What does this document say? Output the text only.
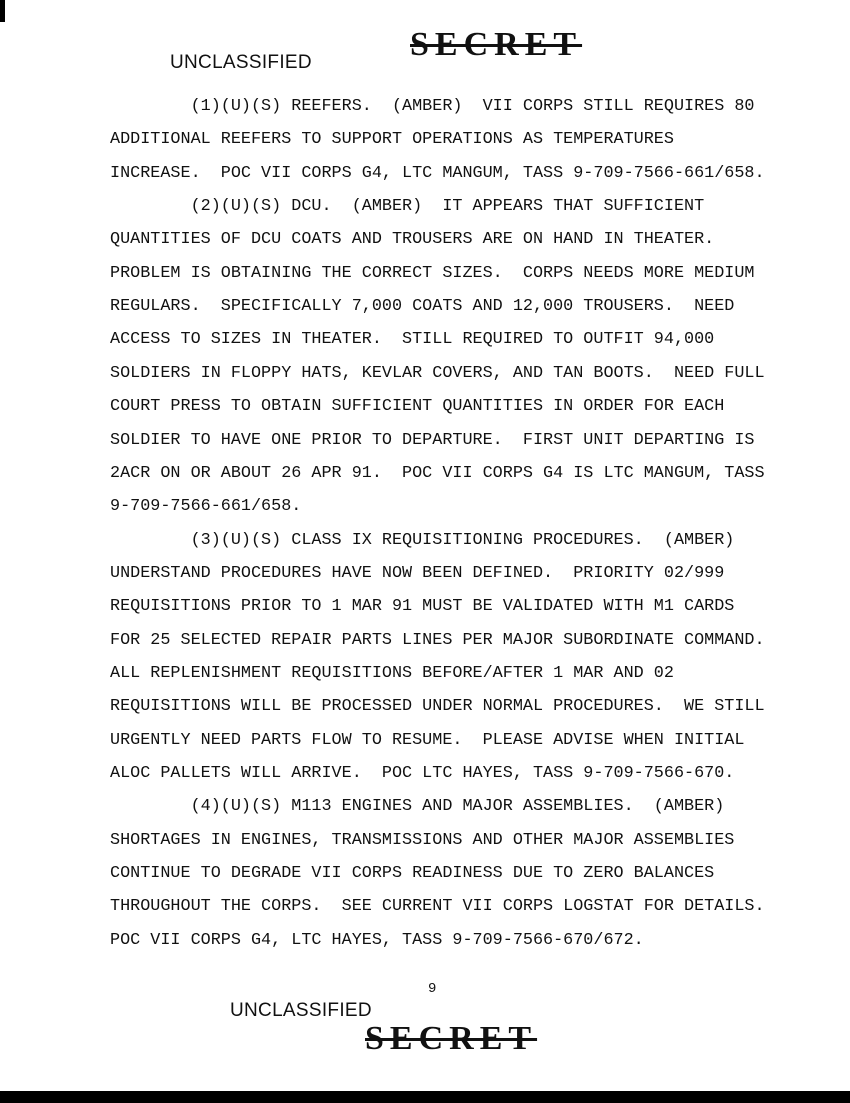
UNCLASSIFIED	SECRET
(1)(U)(S) REEFERS.  (AMBER)  VII CORPS STILL REQUIRES 80
ADDITIONAL REEFERS TO SUPPORT OPERATIONS AS TEMPERATURES
INCREASE.  POC VII CORPS G4, LTC MANGUM, TASS 9-709-7566-661/658.
(2)(U)(S) DCU.  (AMBER)  IT APPEARS THAT SUFFICIENT
QUANTITIES OF DCU COATS AND TROUSERS ARE ON HAND IN THEATER.
PROBLEM IS OBTAINING THE CORRECT SIZES.  CORPS NEEDS MORE MEDIUM
REGULARS.  SPECIFICALLY 7,000 COATS AND 12,000 TROUSERS.  NEED
ACCESS TO SIZES IN THEATER.  STILL REQUIRED TO OUTFIT 94,000
SOLDIERS IN FLOPPY HATS, KEVLAR COVERS, AND TAN BOOTS.  NEED FULL
COURT PRESS TO OBTAIN SUFFICIENT QUANTITIES IN ORDER FOR EACH
SOLDIER TO HAVE ONE PRIOR TO DEPARTURE.  FIRST UNIT DEPARTING IS
2ACR ON OR ABOUT 26 APR 91.  POC VII CORPS G4 IS LTC MANGUM, TASS
9-709-7566-661/658.
(3)(U)(S) CLASS IX REQUISITIONING PROCEDURES.  (AMBER)
UNDERSTAND PROCEDURES HAVE NOW BEEN DEFINED.  PRIORITY 02/999
REQUISITIONS PRIOR TO 1 MAR 91 MUST BE VALIDATED WITH M1 CARDS
FOR 25 SELECTED REPAIR PARTS LINES PER MAJOR SUBORDINATE COMMAND.
ALL REPLENISHMENT REQUISITIONS BEFORE/AFTER 1 MAR AND 02
REQUISITIONS WILL BE PROCESSED UNDER NORMAL PROCEDURES.  WE STILL
URGENTLY NEED PARTS FLOW TO RESUME.  PLEASE ADVISE WHEN INITIAL
ALOC PALLETS WILL ARRIVE.  POC LTC HAYES, TASS 9-709-7566-670.
(4)(U)(S) M113 ENGINES AND MAJOR ASSEMBLIES.  (AMBER)
SHORTAGES IN ENGINES, TRANSMISSIONS AND OTHER MAJOR ASSEMBLIES
CONTINUE TO DEGRADE VII CORPS READINESS DUE TO ZERO BALANCES
THROUGHOUT THE CORPS.  SEE CURRENT VII CORPS LOGSTAT FOR DETAILS.
POC VII CORPS G4, LTC HAYES, TASS 9-709-7566-670/672.
9
UNCLASSIFIED
SECRET
